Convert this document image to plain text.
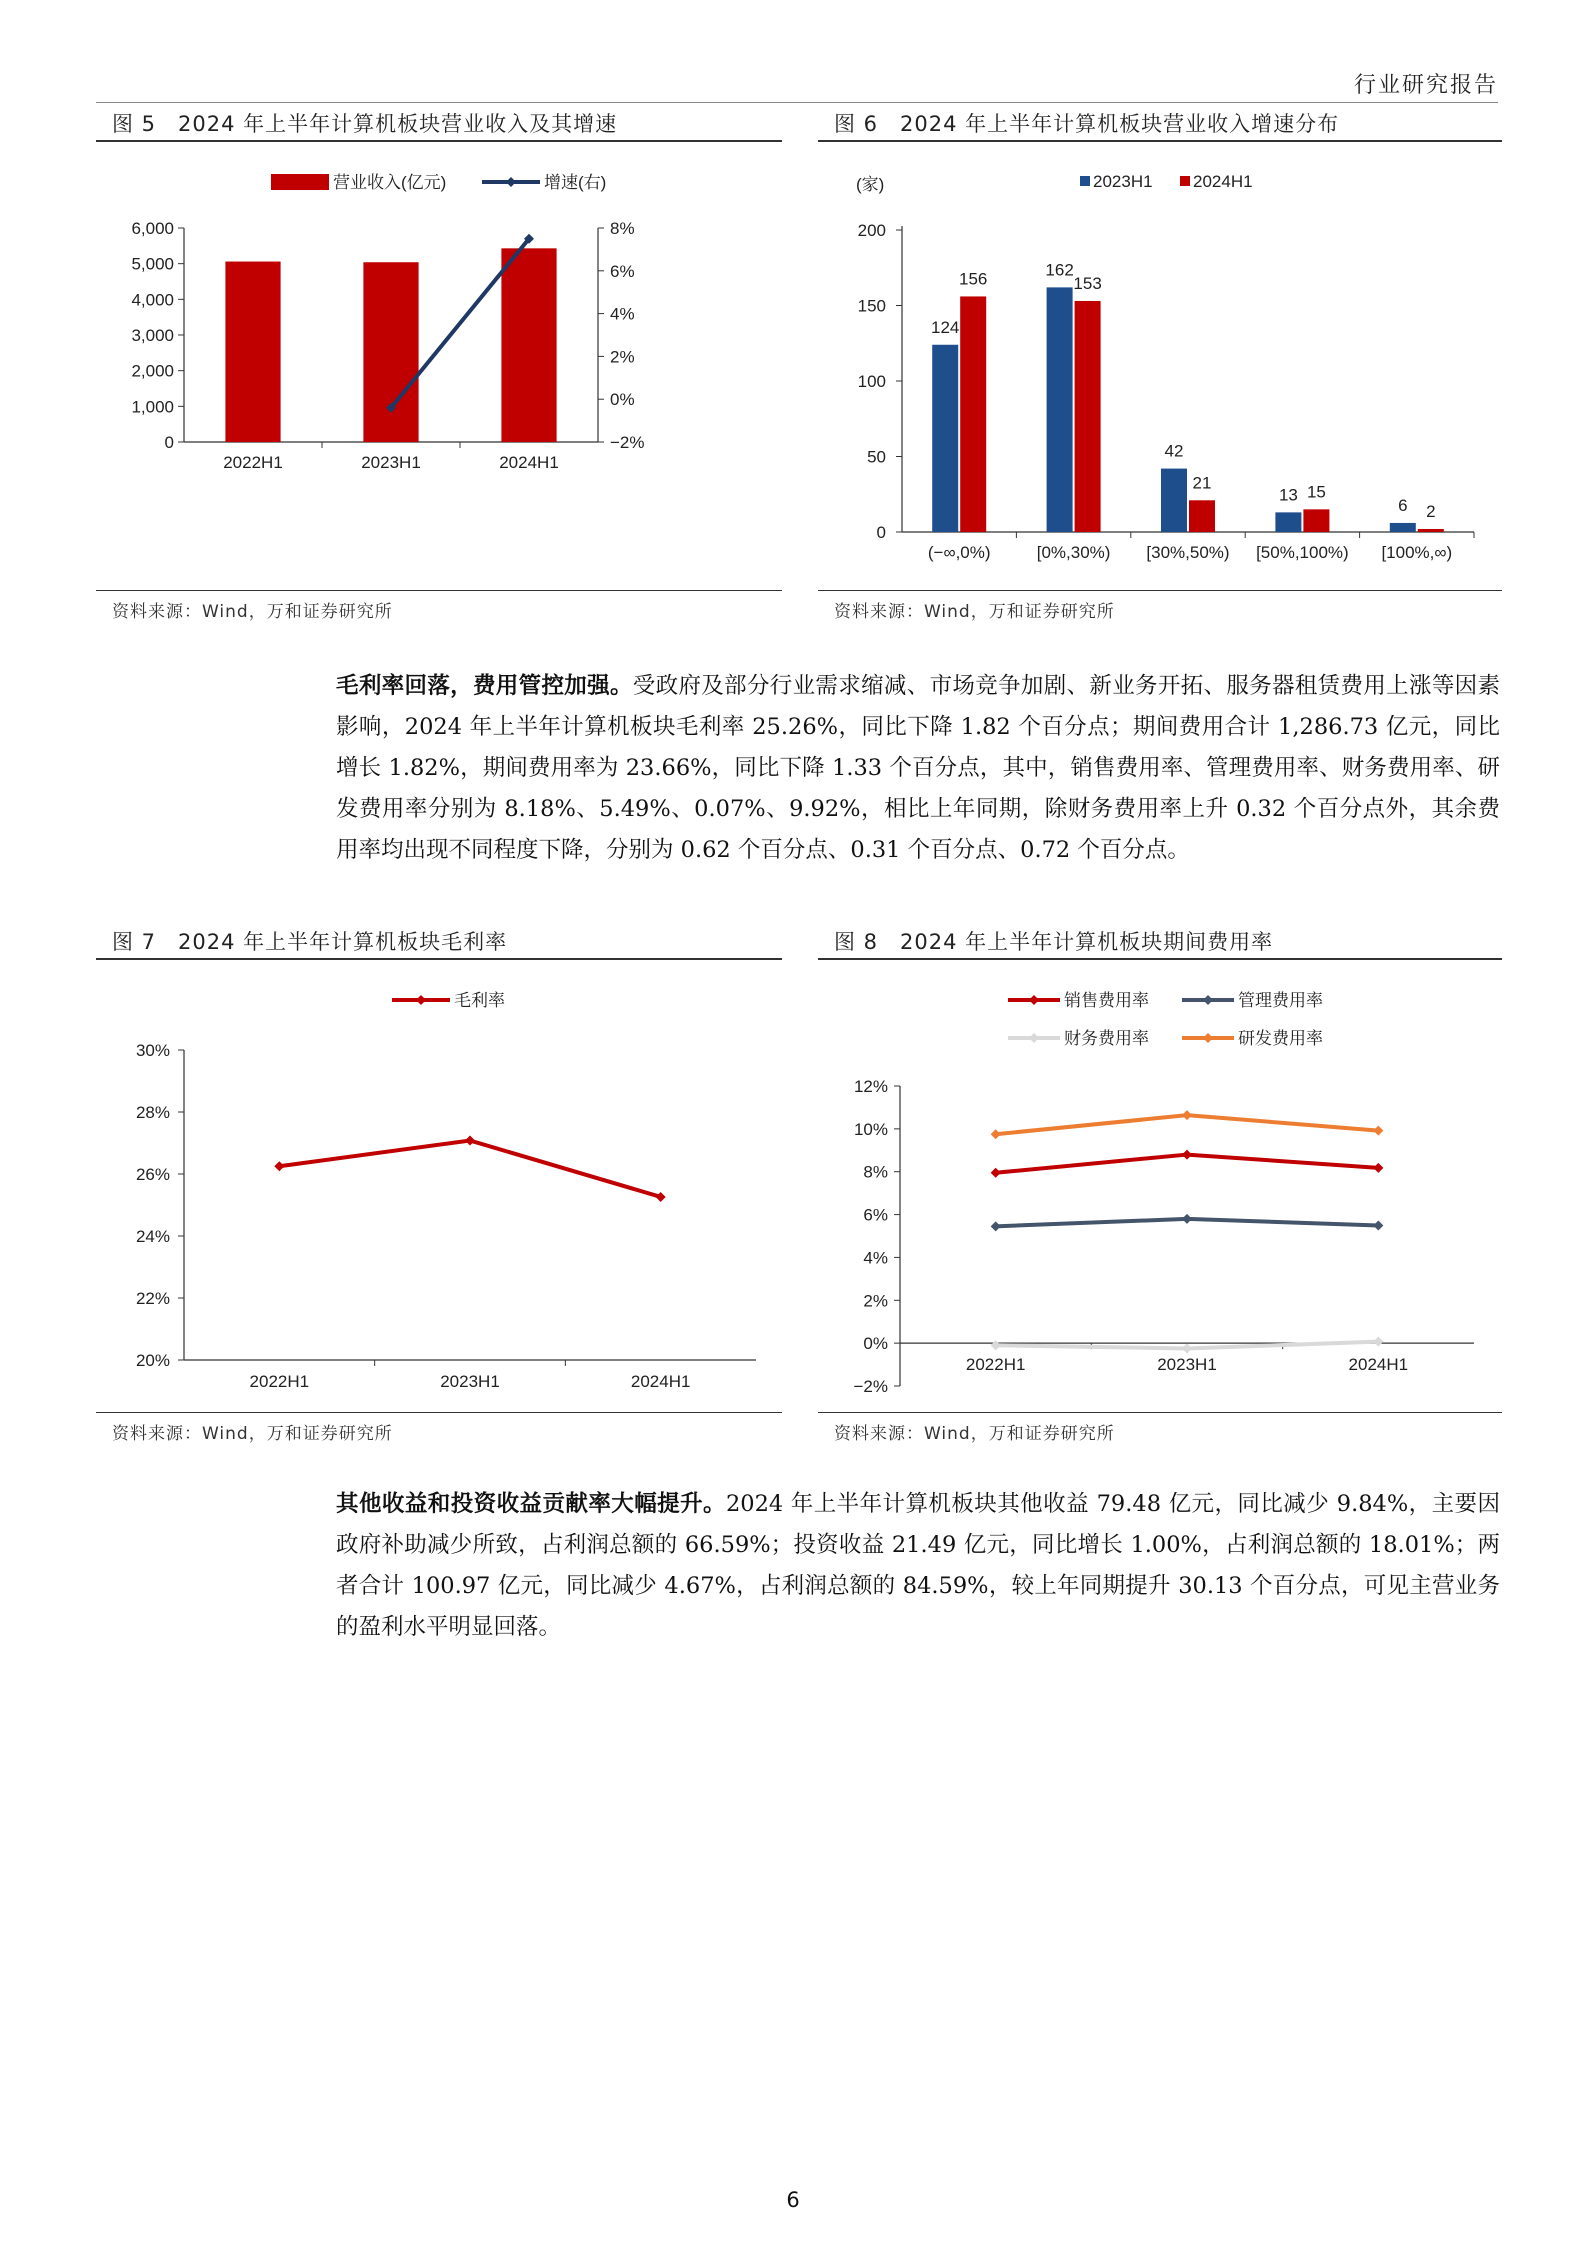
行业研究报告
图 5　2024 年上半年计算机板块营业收入及其增速
营业收入(亿元)	增速(右)
0
1,000
2,000
3,000
4,000
5,000
6,000
−2%
0%
2%
4%
6%
8%
2022H1	2023H1	2024H1
资料来源：Wind，万和证券研究所
图 6　2024 年上半年计算机板块营业收入增速分布
(家)	2023H1 2024H1
0
50
100
150
200
(−∞,0%)	[0%,30%) [30%,50%) [50%,100%) [100%,∞)
124
162
42
13
6
156	153
21	15
2
资料来源：Wind，万和证券研究所
毛利率回落，费用管控加强。受政府及部分行业需求缩减、市场竞争加剧、新业务开拓、服务器租赁费用上涨等因素影响，2024 年上半年计算机板块毛利率 25.26%，同比下降 1.82 个百分点；期间费用合计 1,286.73 亿元，同比增长 1.82%，期间费用率为 23.66%，同比下降 1.33 个百分点，其中，销售费用率、管理费用率、财务费用率、研发费用率分别为 8.18%、5.49%、0.07%、9.92%，相比上年同期，除财务费用率上升 0.32 个百分点外，其余费用率均出现不同程度下降，分别为 0.62 个百分点、0.31 个百分点、0.72 个百分点。
图 7　2024 年上半年计算机板块毛利率
毛利率
20%
22%
24%
26%
28%
30%
2022H1	2023H1	2024H1
资料来源：Wind，万和证券研究所
图 8　2024 年上半年计算机板块期间费用率
销售费用率	管理费用率
财务费用率	研发费用率
−2%
0%
2%
4%
6%
8%
10%
12%
2022H1	2023H1	2024H1
资料来源：Wind，万和证券研究所
其他收益和投资收益贡献率大幅提升。2024 年上半年计算机板块其他收益 79.48 亿元，同比减少 9.84%，主要因政府补助减少所致，占利润总额的 66.59%；投资收益 21.49 亿元，同比增长 1.00%，占利润总额的 18.01%；两者合计 100.97 亿元，同比减少 4.67%，占利润总额的 84.59%，较上年同期提升 30.13 个百分点，可见主营业务的盈利水平明显回落。
6
